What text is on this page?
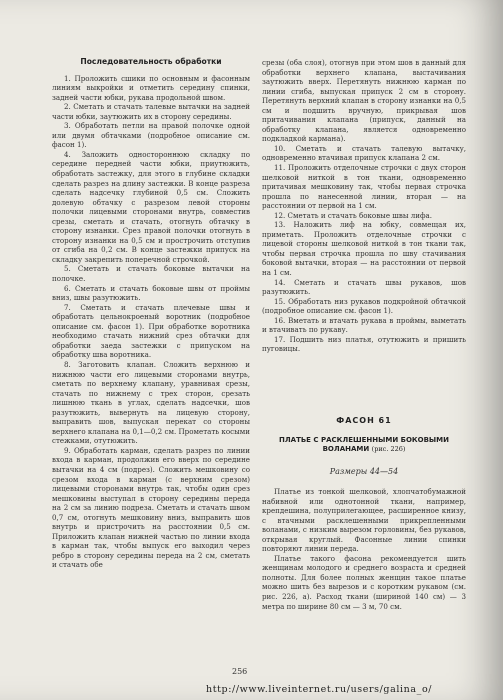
Последовательность обработки

1. Проложить сшики по основным и фасонным линиям выкройки и отметить середину спинки, задней части юбки, рукава продольной швом.

2. Сметать и стачать талевые вытачки на задней части юбки, заутюжить их в сторону середины.

3. Обработать петли на правой полочке одной или двумя обтачками (подробное описание см. фасон 1).

4. Заложить одностороннюю складку по середине передней части юбки, приутюжить, обработать застежку, для этого в глубине складки сделать разрез на длину застежки. В конце разреза сделать надсечку глубиной 0,5 см. Сложить долевую обтачку с разрезом левой стороны полочки лицевыми сторонами внутрь, совместив срезы, сметать и стачать, отогнуть обтачку в сторону изнанки. Срез правой полочки отогнуть в сторону изнанки на 0,5 см и прострочить отступив от сгиба на 0,2 см. В конце застежки припуск на складку закрепить поперечной строчкой.

5. Сметать и стачать боковые вытачки на полочке.

6. Сметать и стачать боковые швы от проймы вниз, швы разутюжить.

7. Сметать и стачать плечевые швы и обработать цельнокроеный воротник (подробное описание см. фасон 1). При обработке воротника необходимо стачать нижний срез обтачки для обработки заеда застежки с припуском на обработку шва воротника.

8. Заготовить клапан. Сложить верхнюю и нижнюю части его лицевыми сторонами внутрь, сметать по верхнему клапану, уравнивая срезы, стачать по нижнему с трех сторон, срезать лишнюю ткань в углах, сделать надсечки, шов разутюжить, вывернуть на лицевую сторону, выправить шов, выпуская перекат со стороны верхнего клапана на 0,1—0,2 см. Прометать косыми стежками, отутюжить.

9. Обработать карман, сделать разрез по линии входа в карман, продолжив его вверх по середине вытачки на 4 см (подрез). Сложить мешковину со срезом входа в карман (с верхним срезом) лицевыми сторонами внутрь так, чтобы один срез мешковины выступал в сторону середины переда на 2 см за линию подреза. Сметать и стачать швом 0,7 см, отогнуть мешковину вниз, выправить шов внутрь и пристрочить на расстоянии 0,5 см. Приложить клапан нижней частью по линии входа в карман так, чтобы выпуск его выходил через ребро в сторону середины переда на 2 см, сметать и стачать обе

срезы (оба слоя), отогнув при этом шов в данный для обработки верхнего клапана, выстачивания заутюжить вверх. Перетянуть нижнюю карман по линии сгиба, выпуская припуск 2 см в сторону. Перетянуть верхний клапан в сторону изнанки на 0,5 см и подшить вручную, прикрывая шов притачивания клапана (припуск, данный на обработку клапана, является одновременно подкладкой кармана).

10. Сметать и стачать талевую вытачку, одновременно втачивая припуск клапана 2 см.

11. Проложить отделочные строчки с двух сторон шелковой ниткой в тон ткани, одновременно притачивая мешковину так, чтобы первая строчка прошла по нанесенной линии, вторая — на расстоянии от первой на 1 см.

12. Сметать и стачать боковые швы лифа.

13. Наложить лиф на юбку, совмещая их, приметать. Проложить отделочные строчки с лицевой стороны шелковой ниткой в тон ткани так, чтобы первая строчка прошла по шву стачивания боковой вытачки, вторая — на расстоянии от первой на 1 см.

14. Сметать и стачать швы рукавов, шов разутюжить.

15. Обработать низ рукавов подкройной обтачкой (подробное описание см. фасон 1).

16. Вметать и втачать рукава в проймы, выметать и втачивать по рукаву.

17. Подшить низ платья, отутюжить и пришить пуговицы.

ФАСОН 61
ПЛАТЬЕ С РАСКЛЕШЕННЫМИ БОКОВЫМИ ВОЛАНАМИ (рис. 226)
Размеры 44—54

Платье из тонкой шелковой, хлопчатобумажной набивной или однотонной ткани, например, крепдешина, полуприлегающее, расширенное книзу, с втачными расклешенными прикрепленными воланами, с низким вырезом горловины, без рукавов, открывая круглый. Фасонные линии спинки повторяют линии переда.

Платье такого фасона рекомендуется шить женщинам молодого и среднего возраста и средней полноты. Для более полных женщин такое платье можно шить без вырезов и с коротким рукавом (см. рис. 226, а). Расход ткани (шириной 140 см) — 3 метра по ширине 80 см — 3 м, 70 см.

256
http://www.liveinternet.ru/users/galina_o/
